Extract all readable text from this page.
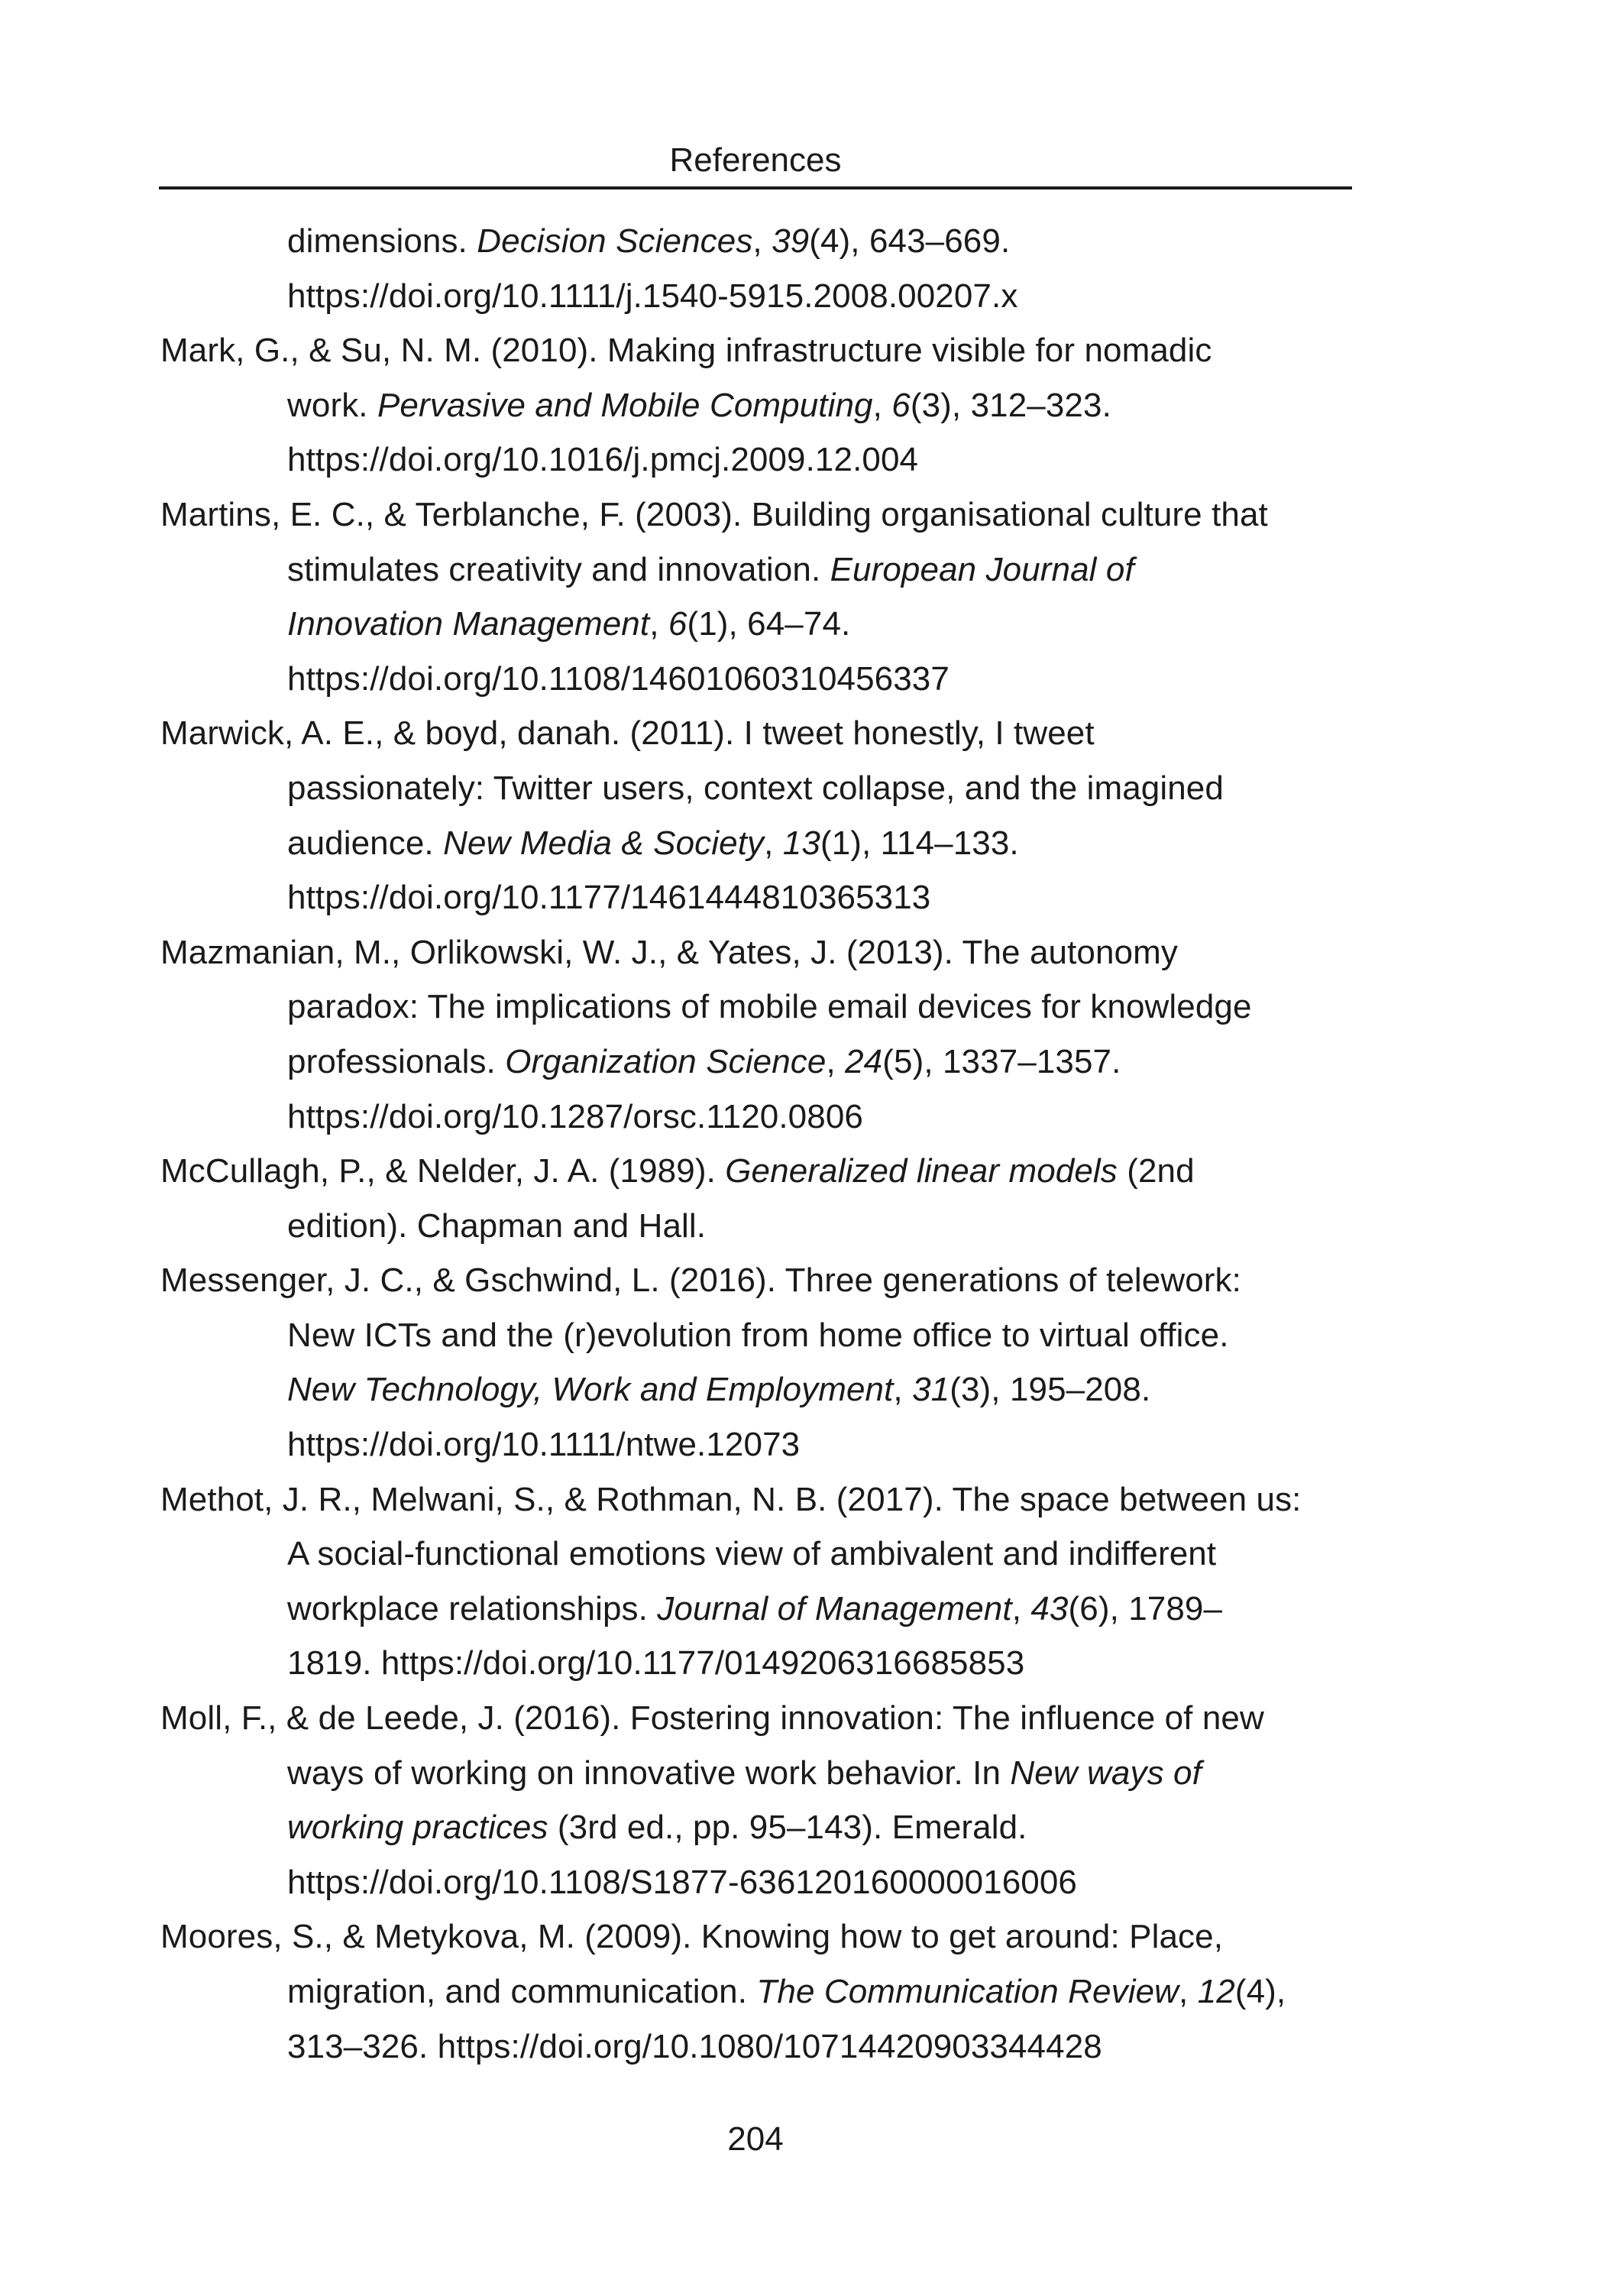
References
dimensions. Decision Sciences, 39(4), 643–669.
https://doi.org/10.1111/j.1540-5915.2008.00207.x
Mark, G., & Su, N. M. (2010). Making infrastructure visible for nomadic
work. Pervasive and Mobile Computing, 6(3), 312–323.
https://doi.org/10.1016/j.pmcj.2009.12.004
Martins, E. C., & Terblanche, F. (2003). Building organisational culture that
stimulates creativity and innovation. European Journal of
Innovation Management, 6(1), 64–74.
https://doi.org/10.1108/14601060310456337
Marwick, A. E., & boyd, danah. (2011). I tweet honestly, I tweet
passionately: Twitter users, context collapse, and the imagined
audience. New Media & Society, 13(1), 114–133.
https://doi.org/10.1177/1461444810365313
Mazmanian, M., Orlikowski, W. J., & Yates, J. (2013). The autonomy
paradox: The implications of mobile email devices for knowledge
professionals. Organization Science, 24(5), 1337–1357.
https://doi.org/10.1287/orsc.1120.0806
McCullagh, P., & Nelder, J. A. (1989). Generalized linear models (2nd
edition). Chapman and Hall.
Messenger, J. C., & Gschwind, L. (2016). Three generations of telework:
New ICTs and the (r)evolution from home office to virtual office.
New Technology, Work and Employment, 31(3), 195–208.
https://doi.org/10.1111/ntwe.12073
Methot, J. R., Melwani, S., & Rothman, N. B. (2017). The space between us:
A social-functional emotions view of ambivalent and indifferent
workplace relationships. Journal of Management, 43(6), 1789–
1819. https://doi.org/10.1177/0149206316685853
Moll, F., & de Leede, J. (2016). Fostering innovation: The influence of new
ways of working on innovative work behavior. In New ways of
working practices (3rd ed., pp. 95–143). Emerald.
https://doi.org/10.1108/S1877-636120160000016006
Moores, S., & Metykova, M. (2009). Knowing how to get around: Place,
migration, and communication. The Communication Review, 12(4),
313–326. https://doi.org/10.1080/10714420903344428
204
